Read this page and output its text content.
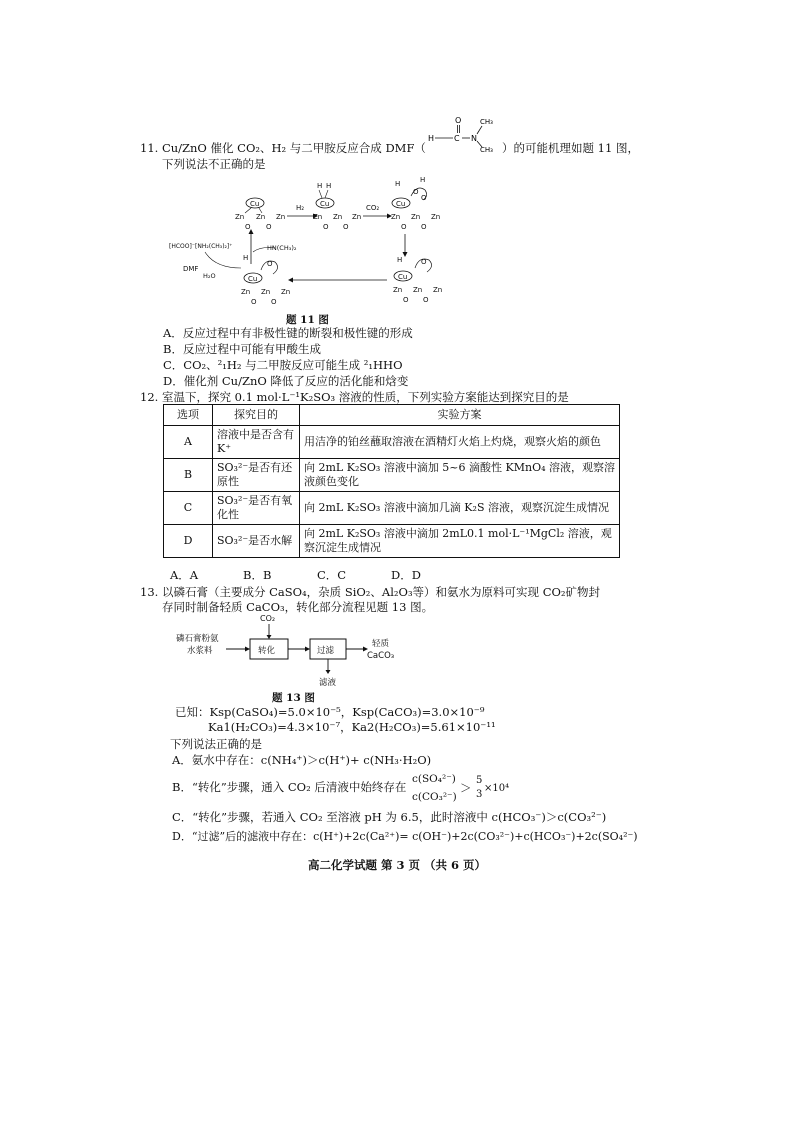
11. Cu/ZnO 催化 CO₂、H₂ 与二甲胺反应合成 DMF（
O
H C N
CH₃
CH₃ ）的可能机理如题 11 图，
下列说法不正确的是
Cu
Zn Zn Zn
O O
H₂
H H
Cu
Zn Zn Zn
O O
CO₂
H	H
O
O
Cu
Zn Zn Zn
O O
H	O
Cu
Zn Zn Zn
O O
H
O
Cu
Zn Zn Zn
O O
HN(CH₃)₂
[HCOO]⁻[NH₂(CH₃)₂]⁺
DMF
H₂O
题 11 图
A．反应过程中有非极性键的断裂和极性键的形成
B．反应过程中可能有甲酸生成
C．CO₂、²₁H₂ 与二甲胺反应可能生成 ²₁HHO
D．催化剂 Cu/ZnO 降低了反应的活化能和焓变
12. 室温下，探究 0.1 mol·L⁻¹K₂SO₃ 溶液的性质，下列实验方案能达到探究目的是
选项	探究目的	实验方案
A	溶液中是否含有 K⁺	用洁净的铂丝蘸取溶液在酒精灯火焰上灼烧，观察火焰的颜色
B	SO₃²⁻是否有还原性	向 2mL K₂SO₃ 溶液中滴加 5~6 滴酸性 KMnO₄ 溶液，观察溶液颜色变化
C	SO₃²⁻是否有氧化性	向 2mL K₂SO₃ 溶液中滴加几滴 K₂S 溶液，观察沉淀生成情况
D	SO₃²⁻是否水解	向 2mL K₂SO₃ 溶液中滴加 2mL0.1 mol·L⁻¹MgCl₂ 溶液，观察沉淀生成情况
A．A	B．B	C．C	D．D
13. 以磷石膏（主要成分 CaSO₄，杂质 SiO₂、Al₂O₃等）和氨水为原料可实现 CO₂矿物封
存同时制备轻质 CaCO₃，转化部分流程见题 13 图。
磷石膏粉氨
水浆料
CO₂
转化	过滤
轻质
CaCO₃
滤液
题 13 图
已知：Ksp(CaSO₄)=5.0×10⁻⁵，Ksp(CaCO₃)=3.0×10⁻⁹
Ka1(H₂CO₃)=4.3×10⁻⁷，Ka2(H₂CO₃)=5.61×10⁻¹¹
下列说法正确的是
A．氨水中存在：c(NH₄⁺)＞c(H⁺)+ c(NH₃·H₂O)
B．“转化”步骤，通入 CO₂ 后清液中始终存在
c(SO₄²⁻)
c(CO₃²⁻)
＞
5
3
×10⁴
C．“转化”步骤，若通入 CO₂ 至溶液 pH 为 6.5，此时溶液中 c(HCO₃⁻)＞c(CO₃²⁻)
D．“过滤”后的滤液中存在：c(H⁺)+2c(Ca²⁺)= c(OH⁻)+2c(CO₃²⁻)+c(HCO₃⁻)+2c(SO₄²⁻)
高二化学试题 第 3 页 （共 6 页）
